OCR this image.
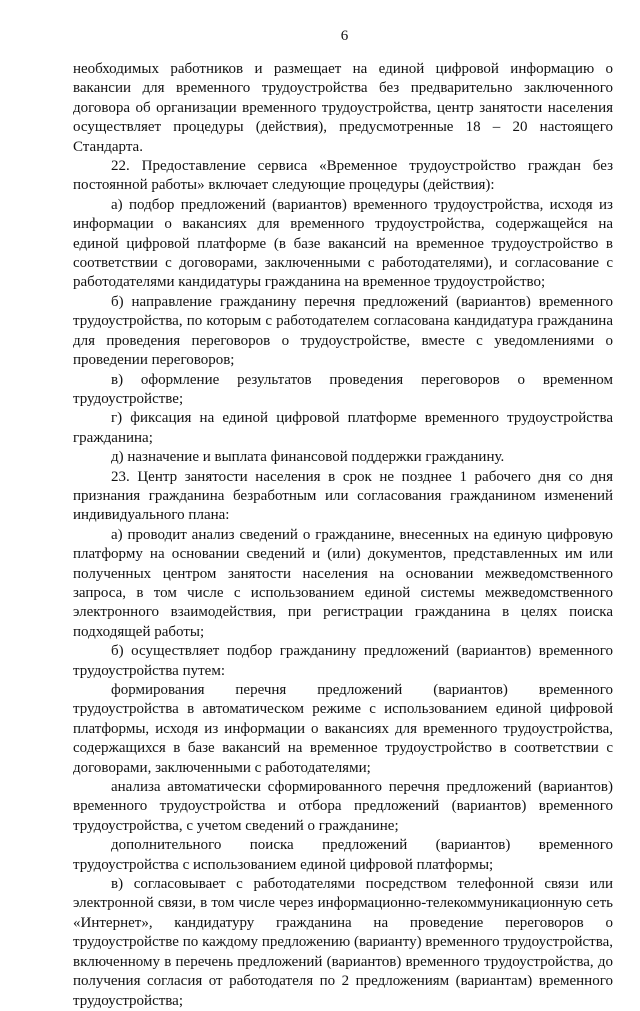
6

необходимых работников и размещает на единой цифровой информацию о вакансии для временного трудоустройства без предварительно заключенного договора об организации временного трудоустройства, центр занятости населения осуществляет процедуры (действия), предусмотренные 18 – 20 настоящего Стандарта.

22. Предоставление сервиса «Временное трудоустройство граждан без постоянной работы» включает следующие процедуры (действия):

а) подбор предложений (вариантов) временного трудоустройства, исходя из информации о вакансиях для временного трудоустройства, содержащейся на единой цифровой платформе (в базе вакансий на временное трудоустройство в соответствии с договорами, заключенными с работодателями), и согласование с работодателями кандидатуры гражданина на временное трудоустройство;

б) направление гражданину перечня предложений (вариантов) временного трудоустройства, по которым с работодателем согласована кандидатура гражданина для проведения переговоров о трудоустройстве, вместе с уведомлениями о проведении переговоров;

в) оформление результатов проведения переговоров о временном трудоустройстве;

г) фиксация на единой цифровой платформе временного трудоустройства гражданина;

д) назначение и выплата финансовой поддержки гражданину.

23. Центр занятости населения в срок не позднее 1 рабочего дня со дня признания гражданина безработным или согласования гражданином изменений индивидуального плана:

а) проводит анализ сведений о гражданине, внесенных на единую цифровую платформу на основании сведений и (или) документов, представленных им или полученных центром занятости населения на основании межведомственного запроса, в том числе с использованием единой системы межведомственного электронного взаимодействия, при регистрации гражданина в целях поиска подходящей работы;

б) осуществляет подбор гражданину предложений (вариантов) временного трудоустройства путем:

формирования перечня предложений (вариантов) временного трудоустройства в автоматическом режиме с использованием единой цифровой платформы, исходя из информации о вакансиях для временного трудоустройства, содержащихся в базе вакансий на временное трудоустройство в соответствии с договорами, заключенными с работодателями;

анализа автоматически сформированного перечня предложений (вариантов) временного трудоустройства и отбора предложений (вариантов) временного трудоустройства, с учетом сведений о гражданине;

дополнительного поиска предложений (вариантов) временного трудоустройства с использованием единой цифровой платформы;

в) согласовывает с работодателями посредством телефонной связи или электронной связи, в том числе через информационно-телекоммуникационную сеть «Интернет», кандидатуру гражданина на проведение переговоров о трудоустройстве по каждому предложению (варианту) временного трудоустройства, включенному в перечень предложений (вариантов) временного трудоустройства, до получения согласия от работодателя по 2 предложениям (вариантам) временного трудоустройства;
